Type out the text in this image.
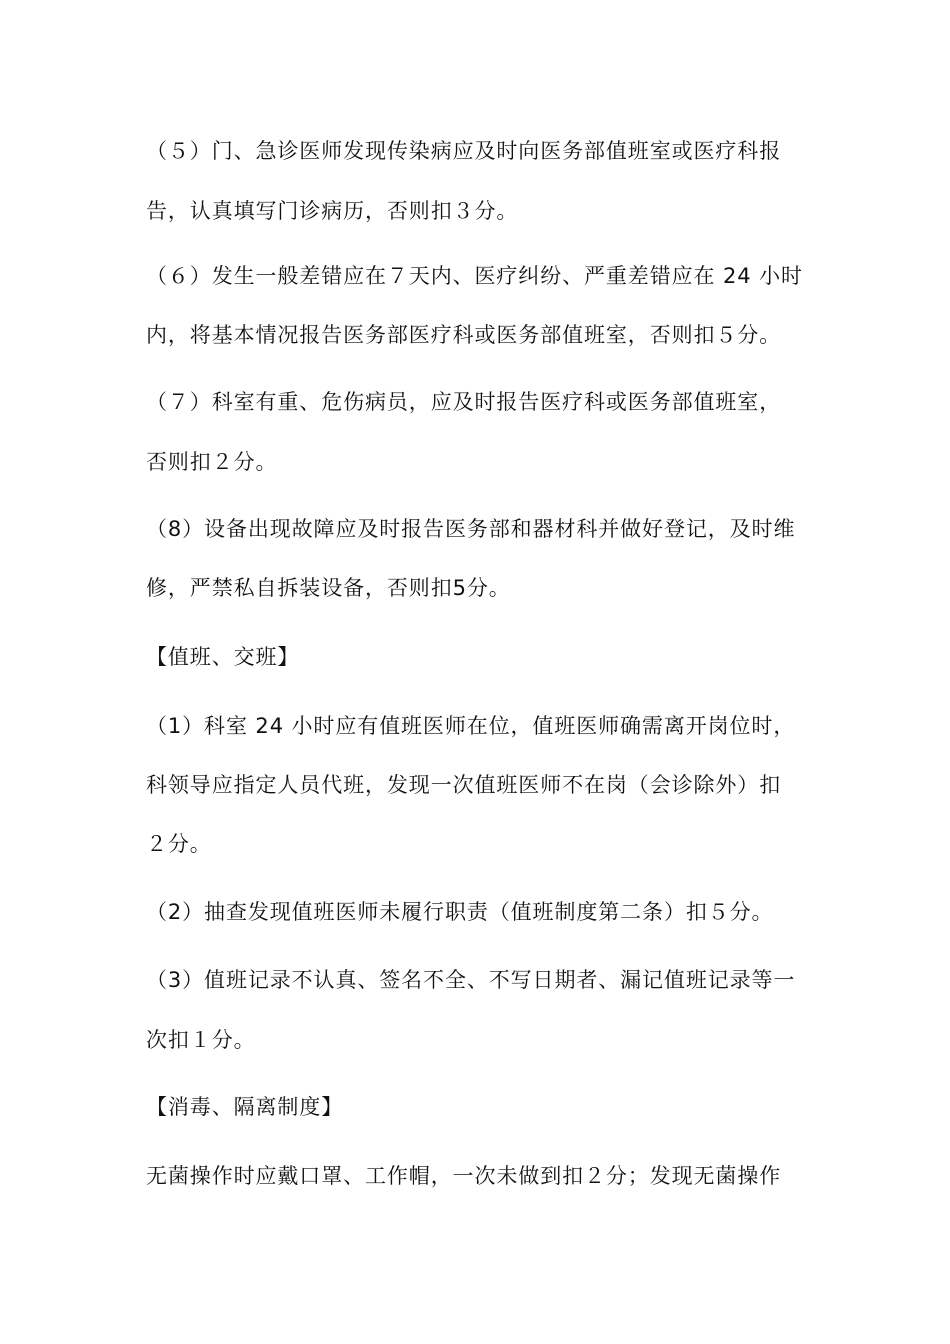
（５）门、急诊医师发现传染病应及时向医务部值班室或医疗科报
告，认真填写门诊病历，否则扣３分。
（６）发生一般差错应在７天内、医疗纠纷、严重差错应在 24 小时
内，将基本情况报告医务部医疗科或医务部值班室，否则扣５分。
（７）科室有重、危伤病员，应及时报告医疗科或医务部值班室，
否则扣２分。
（8）设备出现故障应及时报告医务部和器材科并做好登记，及时维
修，严禁私自拆装设备，否则扣5分。
【值班、交班】
（1）科室 24 小时应有值班医师在位，值班医师确需离开岗位时，
科领导应指定人员代班，发现一次值班医师不在岗（会诊除外）扣
２分。
（2）抽查发现值班医师未履行职责（值班制度第二条）扣５分。
（3）值班记录不认真、签名不全、不写日期者、漏记值班记录等一
次扣１分。
【消毒、隔离制度】
无菌操作时应戴口罩、工作帽，一次未做到扣２分；发现无菌操作
